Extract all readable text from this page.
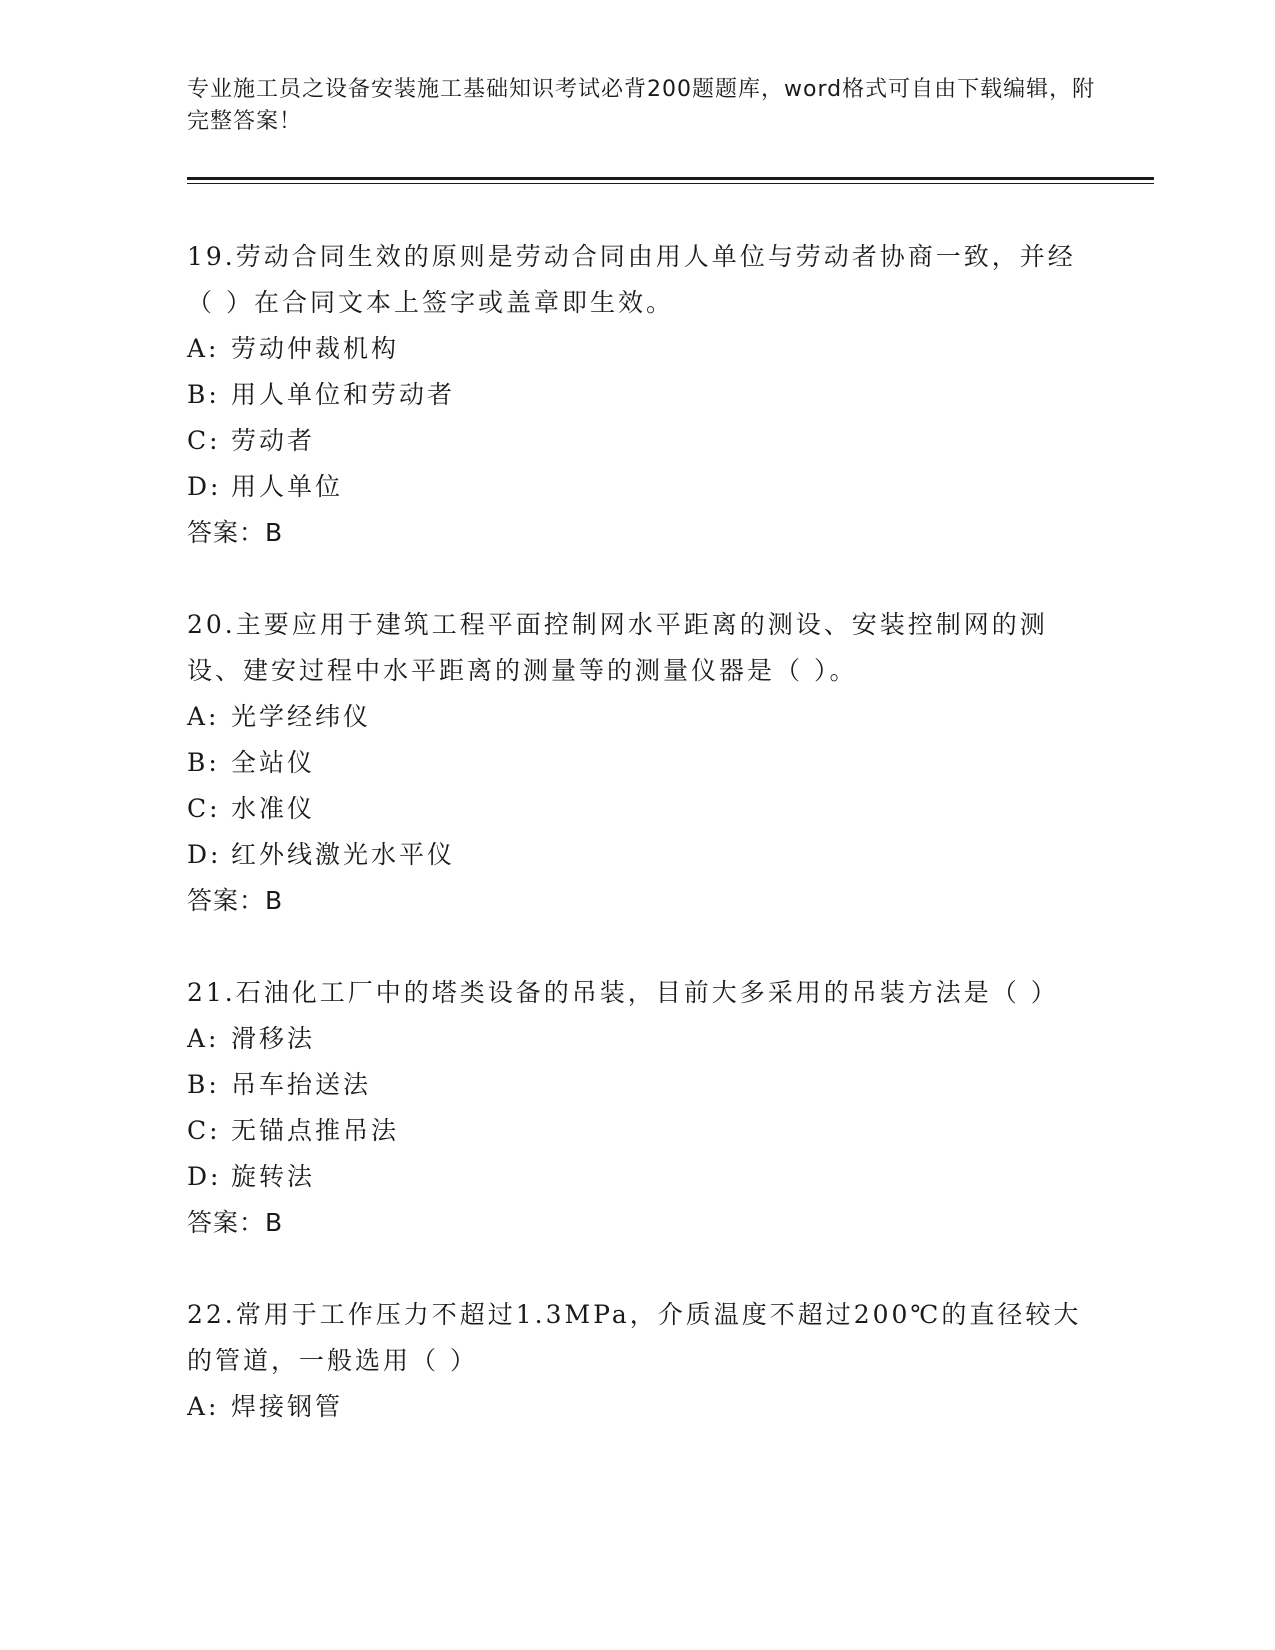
专业施工员之设备安装施工基础知识考试必背200题题库，word格式可自由下载编辑，附完整答案！
19.劳动合同生效的原则是劳动合同由用人单位与劳动者协商一致，并经（ ）在合同文本上签字或盖章即生效。
A: 劳动仲裁机构
B: 用人单位和劳动者
C: 劳动者
D: 用人单位
答案：B
20.主要应用于建筑工程平面控制网水平距离的测设、安装控制网的测设、建安过程中水平距离的测量等的测量仪器是（ ）。
A: 光学经纬仪
B: 全站仪
C: 水准仪
D: 红外线激光水平仪
答案：B
21.石油化工厂中的塔类设备的吊装，目前大多采用的吊装方法是（ ）
A: 滑移法
B: 吊车抬送法
C: 无锚点推吊法
D: 旋转法
答案：B
22.常用于工作压力不超过1.3MPa，介质温度不超过200℃的直径较大的管道，一般选用（ ）
A: 焊接钢管
